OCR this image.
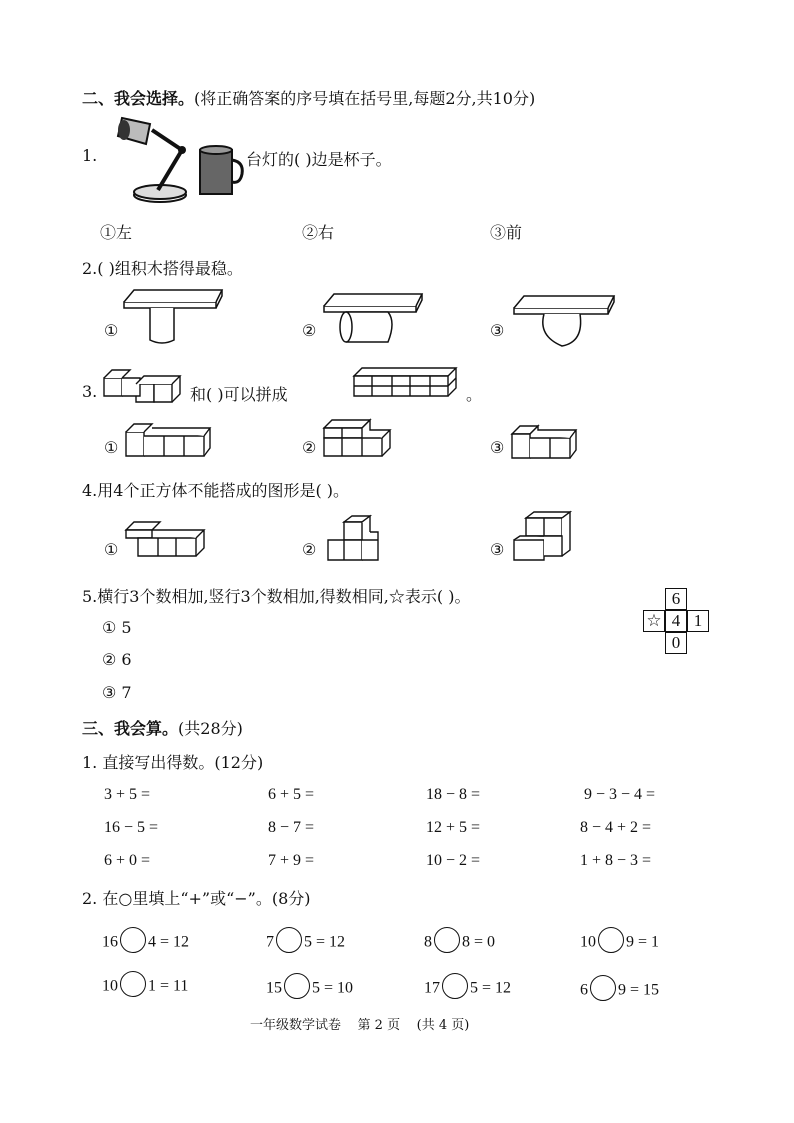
二、我会选择。(将正确答案的序号填在括号里,每题2分,共10分)
1.	台灯的( )边是杯子。
①左	②右	③前
2.( )组积木搭得最稳。
①	②	③
3.	和( )可以拼成	。
①	②	③
4.用4个正方体不能搭成的图形是( )。
①	②	③
5.横行3个数相加,竖行3个数相加,得数相同,☆表示( )。
① 5
② 6
③ 7
6
☆ 4 1
0
三、我会算。(共28分)
1. 直接写出得数。(12分)
3 + 5 =	6 + 5 =	18 − 8 =	9 − 3 − 4 =
16 − 5 =	8 − 7 =	12 + 5 =	8 − 4 + 2 =
6 + 0 =	7 + 9 =	10 − 2 =	1 + 8 − 3 =
2. 在○里填上“+”或“−”。(8分)
16 4 = 12	7 5 = 12	8 8 = 0	10 9 = 1
10 1 = 11	15 5 = 10	17 5 = 12	6 9 = 15
一年级数学试卷 第 2 页 (共 4 页)
